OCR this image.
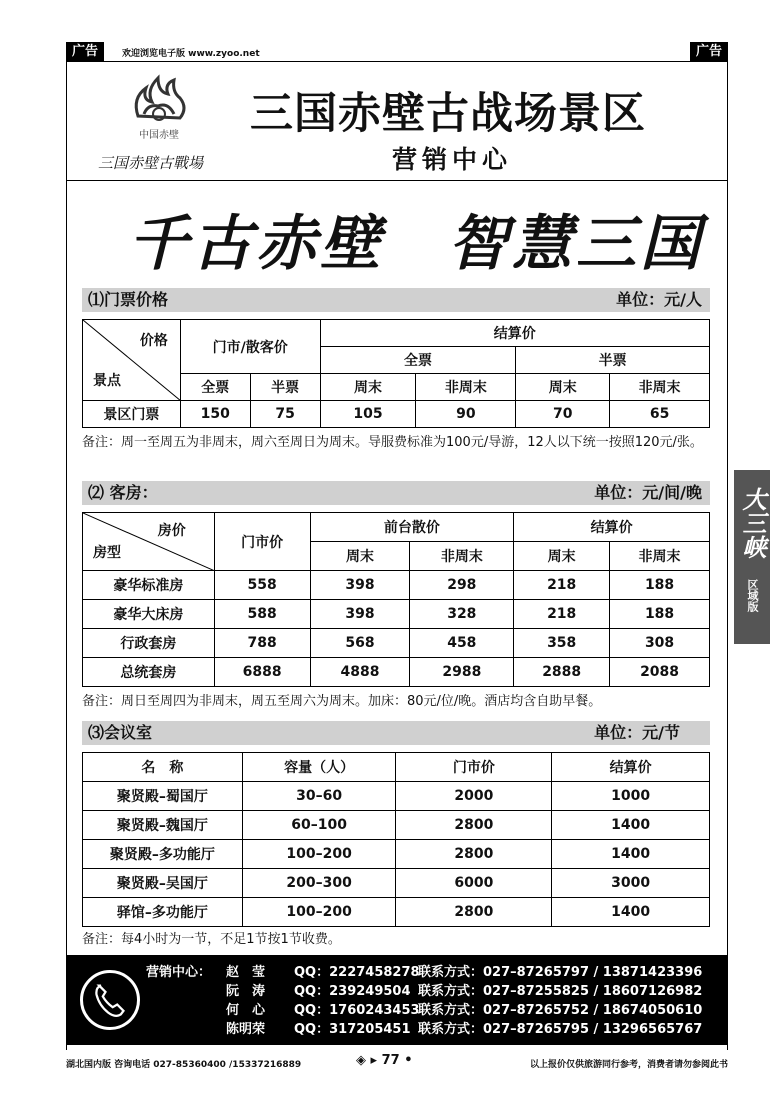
广告	欢迎浏览电子版 www.zyoo.net	广告
中国赤壁
三国赤壁古戰場
三国赤壁古战场景区
营销中心
千古赤壁　智慧三国
⑴门票价格	单位：元/人
价格
景点	门市/散客价		结算价			
			全票		半票	
	全票	半票	周末	非周末	周末	非周末
景区门票	150	75	105	90	70	65
备注：周一至周五为非周末，周六至周日为周末。导服费标准为100元/导游，12人以下统一按照120元/张。
⑵ 客房：	单位：元/间/晚
房价
房型	门市价	前台散价		结算价	
		周末	非周末	周末	非周末
豪华标准房	558	398	298	218	188
豪华大床房	588	398	328	218	188
行政套房	788	568	458	358	308
总统套房	6888	4888	2988	2888	2088
备注：周日至周四为非周末，周五至周六为周末。加床：80元/位/晚。酒店均含自助早餐。
⑶会议室	单位：元/节
名　称	容量（人）	门市价	结算价
聚贤殿–蜀国厅	30–60	2000	1000
聚贤殿–魏国厅	60–100	2800	1400
聚贤殿–多功能厅	100–200	2800	1400
聚贤殿–吴国厅	200–300	6000	3000
驿馆–多功能厅	100–200	2800	1400
备注：每4小时为一节，不足1节按1节收费。
营销中心： 赵　莹 QQ：2227458278
联系方式：027–87265797 / 13871423396
阮　涛 QQ：239249504 联系方式：027–87255825 / 18607126982
何　心 QQ：1760243453
联系方式：027–87265752 / 18674050610
陈明荣 QQ：317205451 联系方式：027–87265795 / 13296565767
大三峡
区域版
湖北国内版 咨询电话 027-85360400 /15337216889	◈ ▸ 77 •	以上报价仅供旅游同行参考，消费者请勿参阅此书
